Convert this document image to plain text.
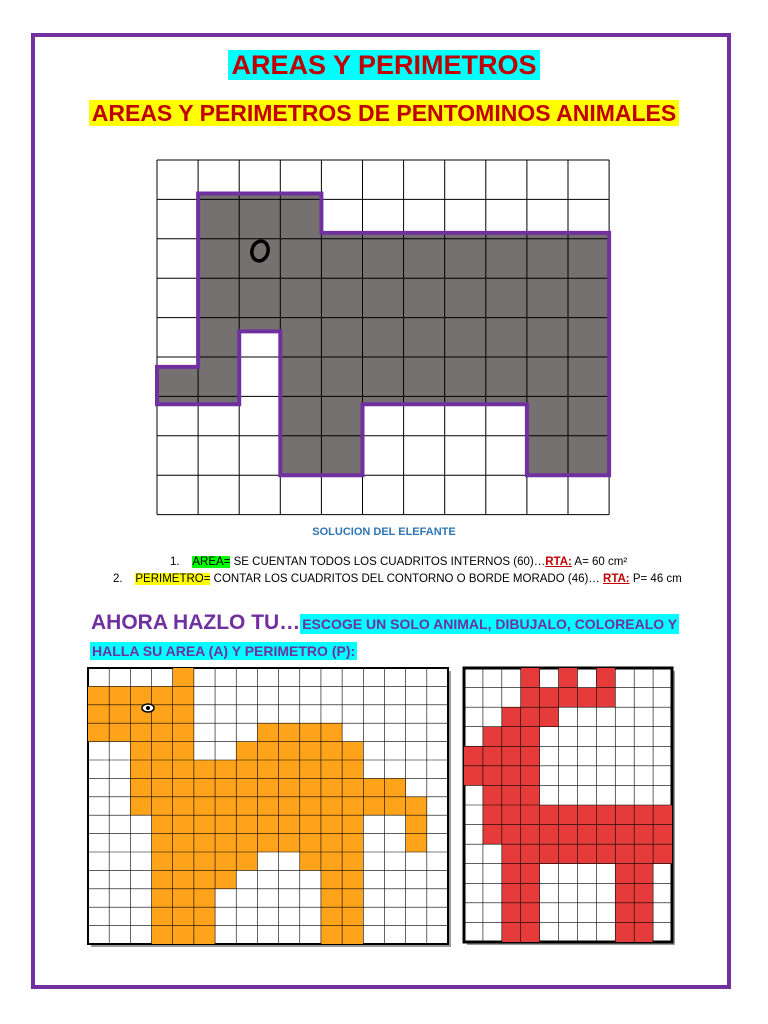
AREAS Y PERIMETROS
AREAS Y PERIMETROS DE PENTOMINOS ANIMALES
SOLUCION DEL ELEFANTE
1. AREA= SE CUENTAN TODOS LOS CUADRITOS INTERNOS (60)…RTA: A= 60 cm²
2. PERIMETRO= CONTAR LOS CUADRITOS DEL CONTORNO O BORDE MORADO (46)… RTA: P= 46 cm
AHORA HAZLO TU… ESCOGE UN SOLO ANIMAL, DIBUJALO, COLOREALO Y
HALLA SU AREA (A) Y PERIMETRO (P):
